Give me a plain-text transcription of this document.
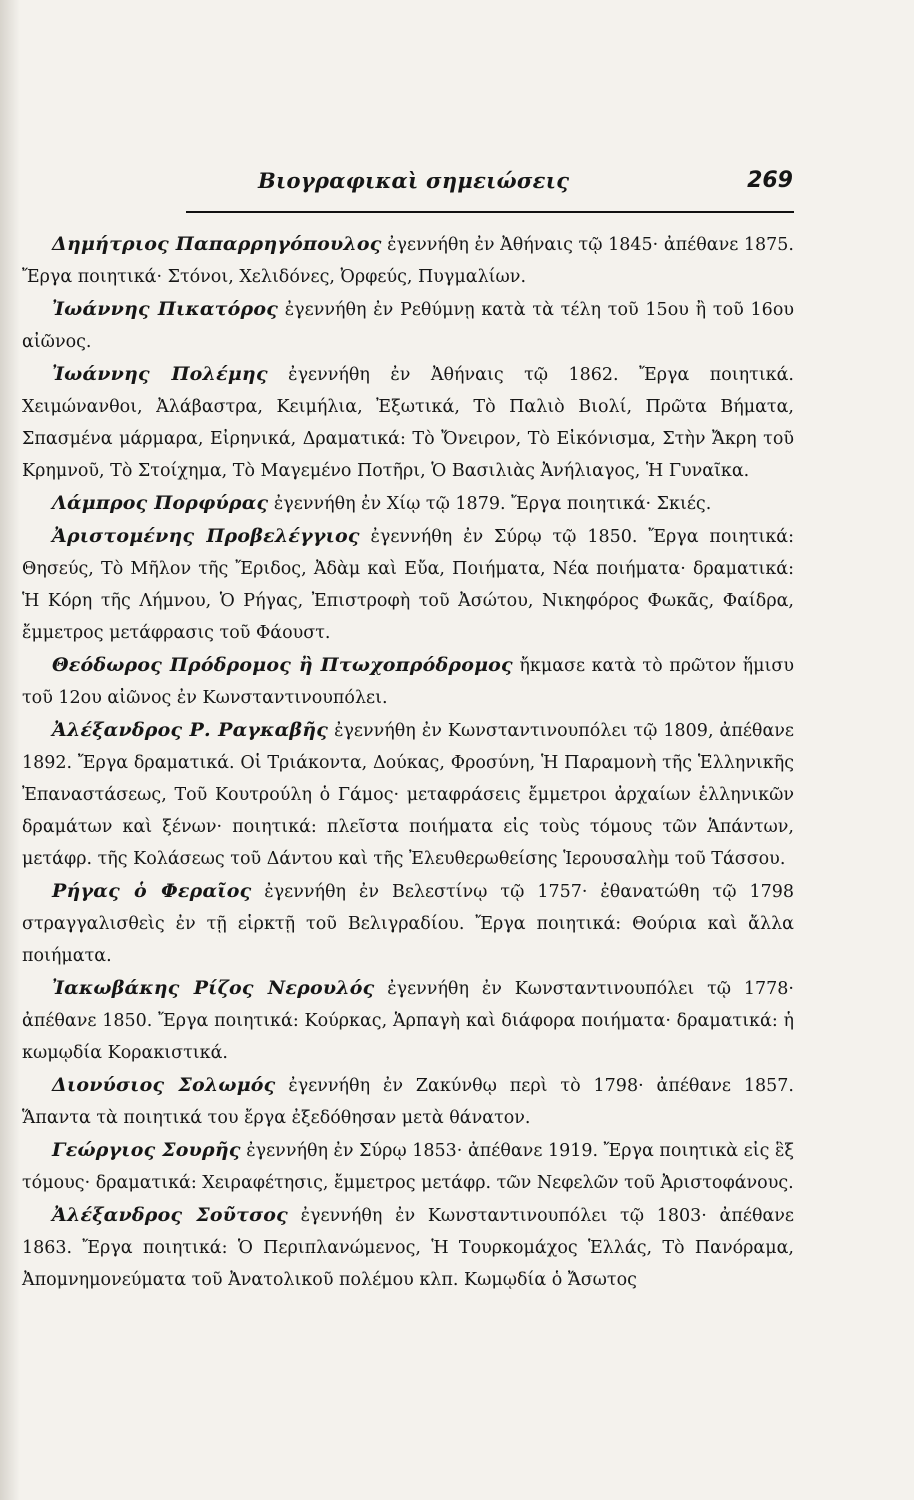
Βιογραφικαὶ σημειώσεις	269

Δημήτριος Παπαρρηγόπουλος ἐγεννήθη ἐν Ἀθήναις τῷ 1845· ἀπέθανε 1875. Ἔργα ποιητικά· Στόνοι, Χελιδόνες, Ὀρφεύς, Πυγμαλίων.

Ἰωάννης Πικατόρος ἐγεννήθη ἐν Ρεθύμνῃ κατὰ τὰ τέλη τοῦ 15ου ἢ τοῦ 16ου αἰῶνος.

Ἰωάννης Πολέμης ἐγεννήθη ἐν Ἀθήναις τῷ 1862. Ἔργα ποιητικά. Χειμώνανθοι, Ἀλάβαστρα, Κειμήλια, Ἐξωτικά, Τὸ Παλιὸ Βιολί, Πρῶτα Βήματα, Σπασμένα μάρμαρα, Εἰρηνικά, Δραματικά: Τὸ Ὄνειρον, Τὸ Εἰκόνισμα, Στὴν Ἄκρη τοῦ Κρημνοῦ, Τὸ Στοίχημα, Τὸ Μαγεμένο Ποτῆρι, Ὁ Βασιλιὰς Ἀνήλιαγος, Ἡ Γυναῖκα.

Λάμπρος Πορφύρας ἐγεννήθη ἐν Χίῳ τῷ 1879. Ἔργα ποιητικά· Σκιές.

Ἀριστομένης Προβελέγγιος ἐγεννήθη ἐν Σύρῳ τῷ 1850. Ἔργα ποιητικά: Θησεύς, Τὸ Μῆλον τῆς Ἔριδος, Ἀδὰμ καὶ Εὔα, Ποιήματα, Νέα ποιήματα· δραματικά: Ἡ Κόρη τῆς Λήμνου, Ὁ Ρήγας, Ἐπιστροφὴ τοῦ Ἀσώτου, Νικηφόρος Φωκᾶς, Φαίδρα, ἔμμετρος μετάφρασις τοῦ Φάουστ.

Θεόδωρος Πρόδρομος ἢ Πτωχοπρόδρομος ἤκμασε κατὰ τὸ πρῶτον ἥμισυ τοῦ 12ου αἰῶνος ἐν Κωνσταντινουπόλει.

Ἀλέξανδρος Ρ. Ραγκαβῆς ἐγεννήθη ἐν Κωνσταντινουπόλει τῷ 1809, ἀπέθανε 1892. Ἔργα δραματικά. Οἱ Τριάκοντα, Δούκας, Φροσύνη, Ἡ Παραμονὴ τῆς Ἑλληνικῆς Ἐπαναστάσεως, Τοῦ Κουτρούλη ὁ Γάμος· μεταφράσεις ἔμμετροι ἀρχαίων ἑλληνικῶν δραμάτων καὶ ξένων· ποιητικά: πλεῖστα ποιήματα εἰς τοὺς τόμους τῶν Ἁπάντων, μετάφρ. τῆς Κολάσεως τοῦ Δάντου καὶ τῆς Ἐλευθερωθείσης Ἱερουσαλὴμ τοῦ Τάσσου.

Ρήγας ὁ Φεραῖος ἐγεννήθη ἐν Βελεστίνῳ τῷ 1757· ἐθανατώθη τῷ 1798 στραγγαλισθεὶς ἐν τῇ εἱρκτῇ τοῦ Βελιγραδίου. Ἔργα ποιητικά: Θούρια καὶ ἄλλα ποιήματα.

Ἰακωβάκης Ρίζος Νερουλός ἐγεννήθη ἐν Κωνσταντινουπόλει τῷ 1778· ἀπέθανε 1850. Ἔργα ποιητικά: Κούρκας, Ἁρπαγὴ καὶ διάφορα ποιήματα· δραματικά: ἡ κωμῳδία Κορακιστικά.

Διονύσιος Σολωμός ἐγεννήθη ἐν Ζακύνθῳ περὶ τὸ 1798· ἀπέθανε 1857. Ἅπαντα τὰ ποιητικά του ἔργα ἐξεδόθησαν μετὰ θάνατον.

Γεώργιος Σουρῆς ἐγεννήθη ἐν Σύρῳ 1853· ἀπέθανε 1919. Ἔργα ποιητικὰ εἰς ἓξ τόμους· δραματικά: Χειραφέτησις, ἔμμετρος μετάφρ. τῶν Νεφελῶν τοῦ Ἀριστοφάνους.

Ἀλέξανδρος Σοῦτσος ἐγεννήθη ἐν Κωνσταντινουπόλει τῷ 1803· ἀπέθανε 1863. Ἔργα ποιητικά: Ὁ Περιπλανώμενος, Ἡ Τουρκομάχος Ἑλλάς, Τὸ Πανόραμα, Ἀπομνημονεύματα τοῦ Ἀνατολικοῦ πολέμου κλπ. Κωμῳδία ὁ Ἄσωτος
